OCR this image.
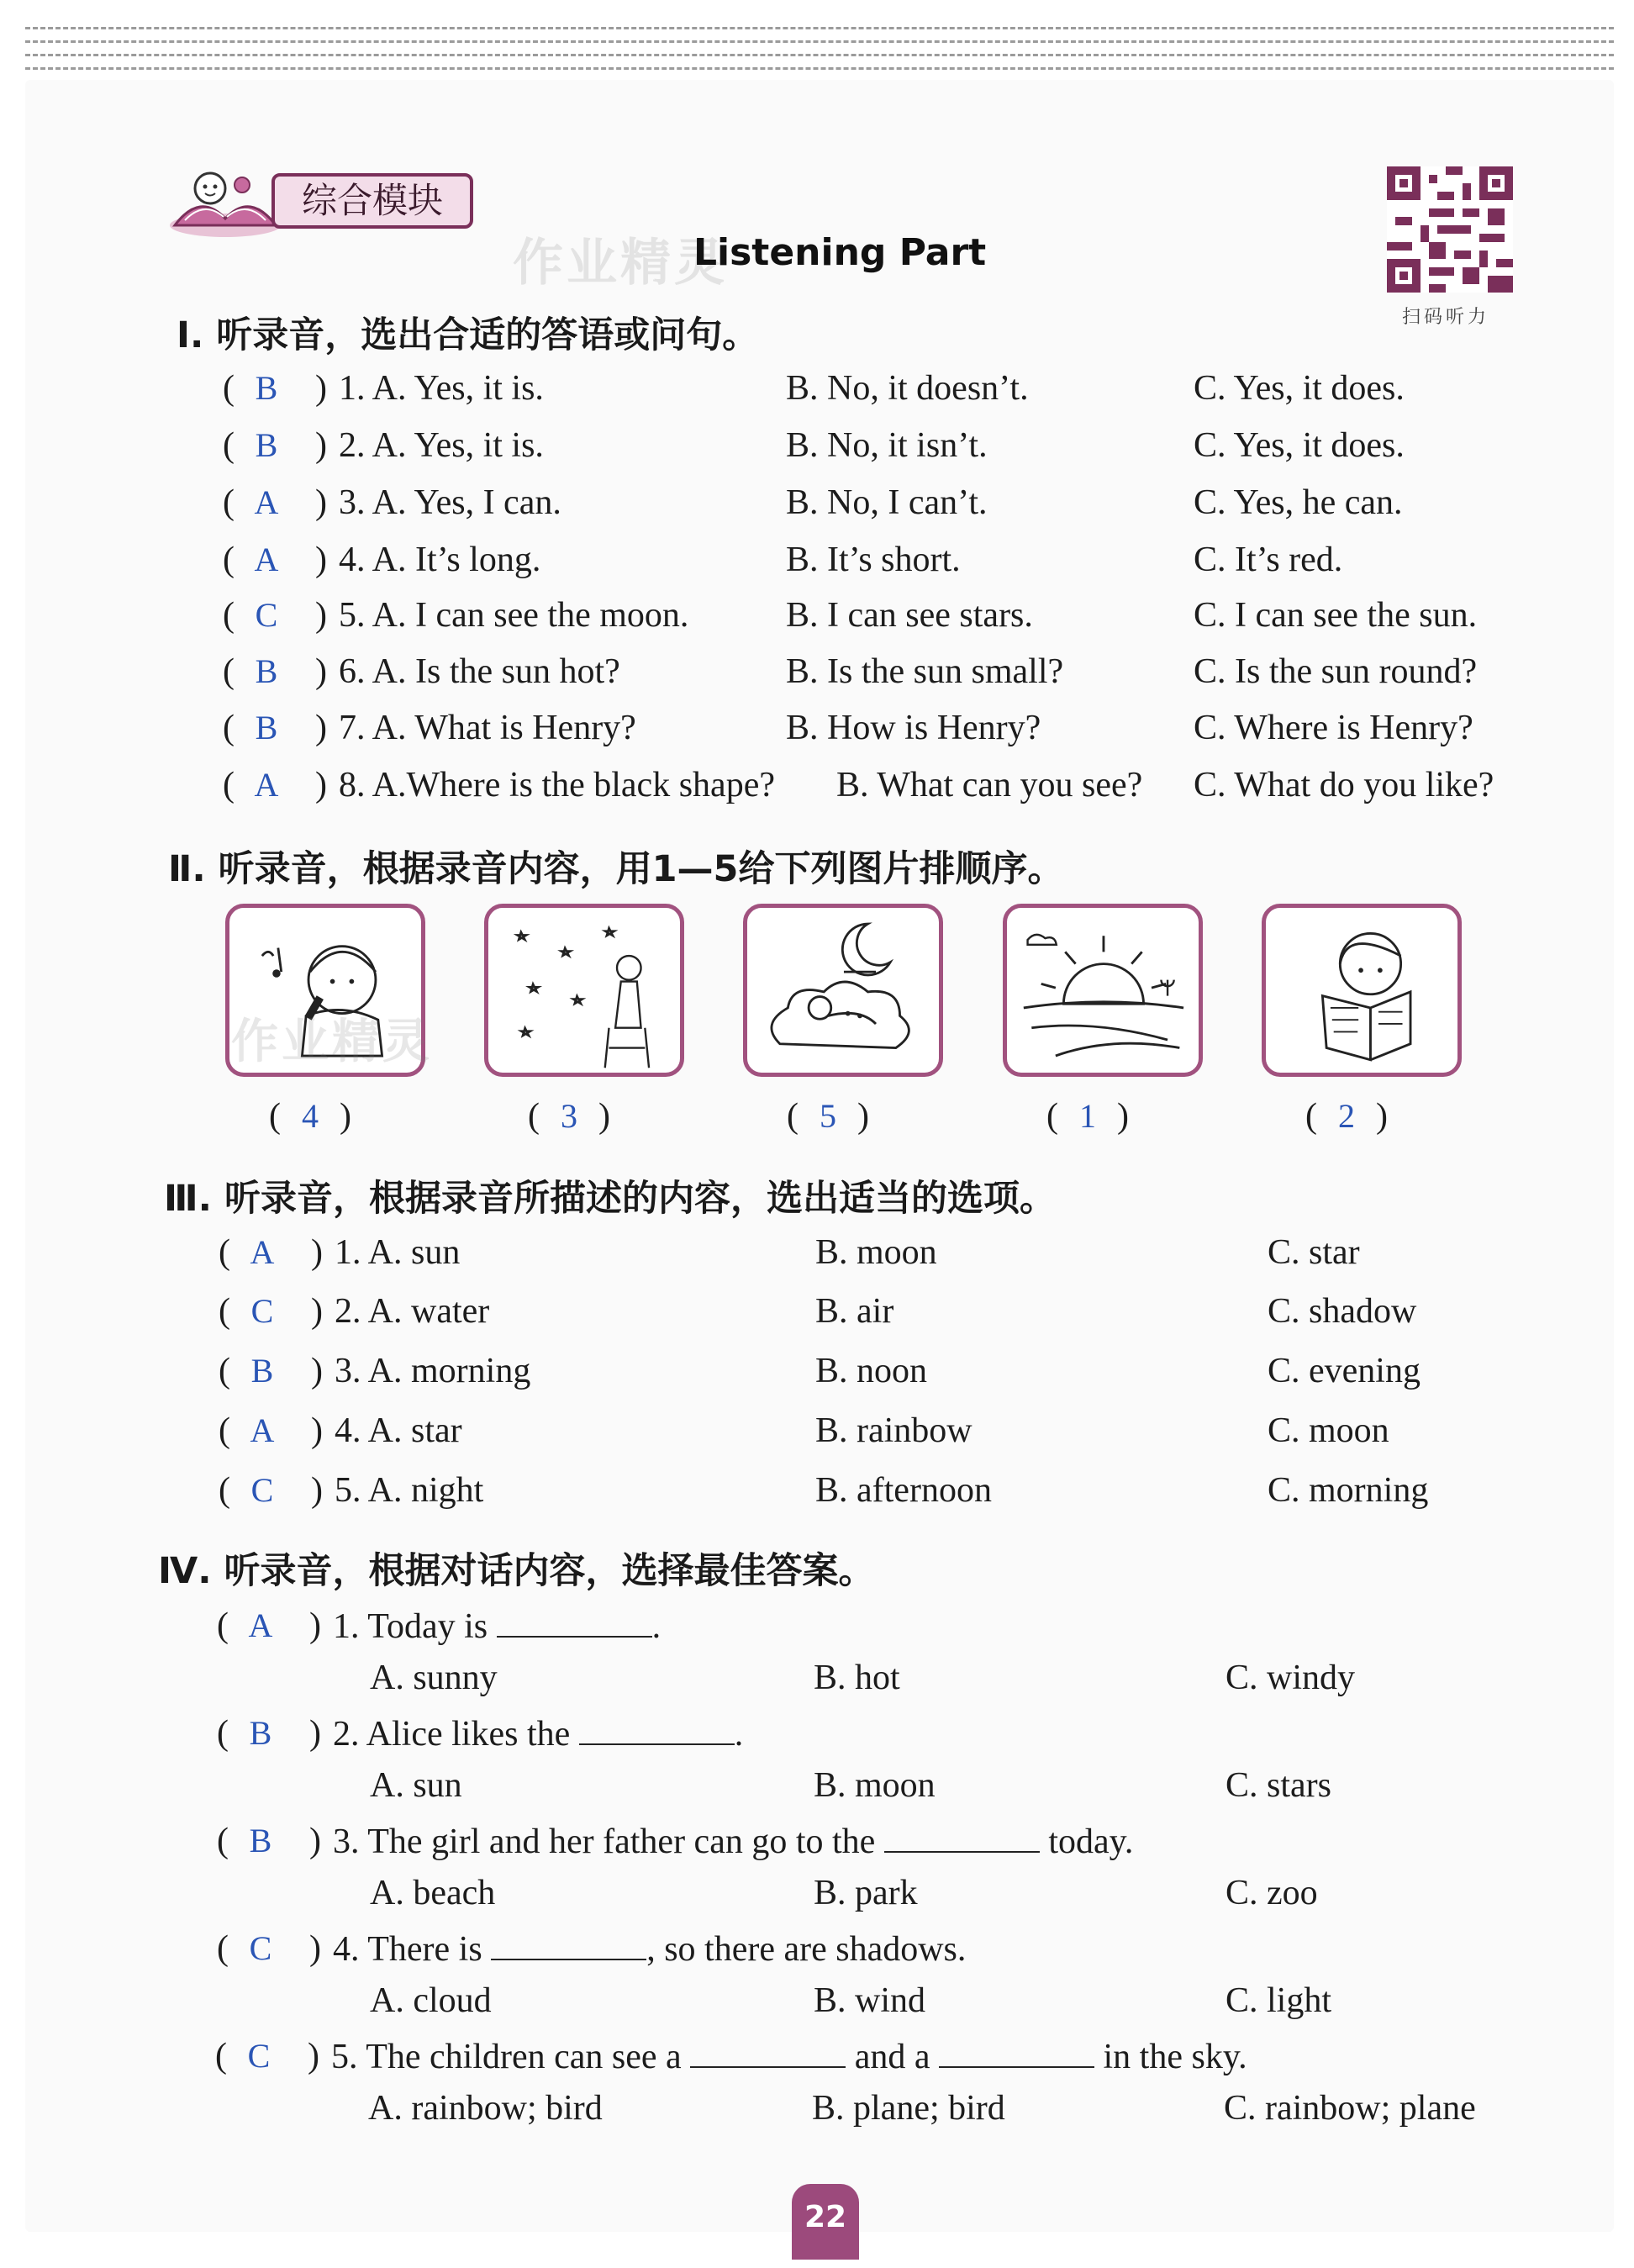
综合模块
作业精灵
Listening Part
扫码听力
Ⅰ. 听录音，选出合适的答语或问句。
( B	) 1. A. Yes, it is.	B. No, it doesn’t.	C. Yes, it does.
( B	) 2. A. Yes, it is.	B. No, it isn’t.	C. Yes, it does.
( A	) 3. A. Yes, I can.	B. No, I can’t.	C. Yes, he can.
( A	) 4. A. It’s long.	B. It’s short.	C. It’s red.
( C	) 5. A. I can see the moon.	B. I can see stars.	C. I can see the sun.
( B	) 6. A. Is the sun hot?	B. Is the sun small?	C. Is the sun round?
( B	) 7. A. What is Henry?	B. How is Henry?	C. Where is Henry?
( A	) 8. A.Where is the black shape? B. What can you see? C. What do you like?
Ⅱ. 听录音，根据录音内容，用1—5给下列图片排顺序。
作业精灵
( 4 )	( 3 )	( 5 )	( 1 )	( 2 )
Ⅲ. 听录音，根据录音所描述的内容，选出适当的选项。
( A	) 1. A. sun	B. moon	C. star
( C	) 2. A. water	B. air	C. shadow
( B	) 3. A. morning	B. noon	C. evening
( A	) 4. A. star	B. rainbow	C. moon
( C	) 5. A. night	B. afternoon	C. morning
Ⅳ. 听录音，根据对话内容，选择最佳答案。
( A	) 1. Today is	.
A. sunny	B. hot	C. windy
( B	) 2. Alice likes the	.
A. sun	B. moon	C. stars
( B	) 3. The girl and her father can go to the	today.
A. beach	B. park	C. zoo
( C	) 4. There is	, so there are shadows.
A. cloud	B. wind	C. light
( C	) 5. The children can see a	and a	in the sky.
A. rainbow; bird	B. plane; bird	C. rainbow; plane
22
